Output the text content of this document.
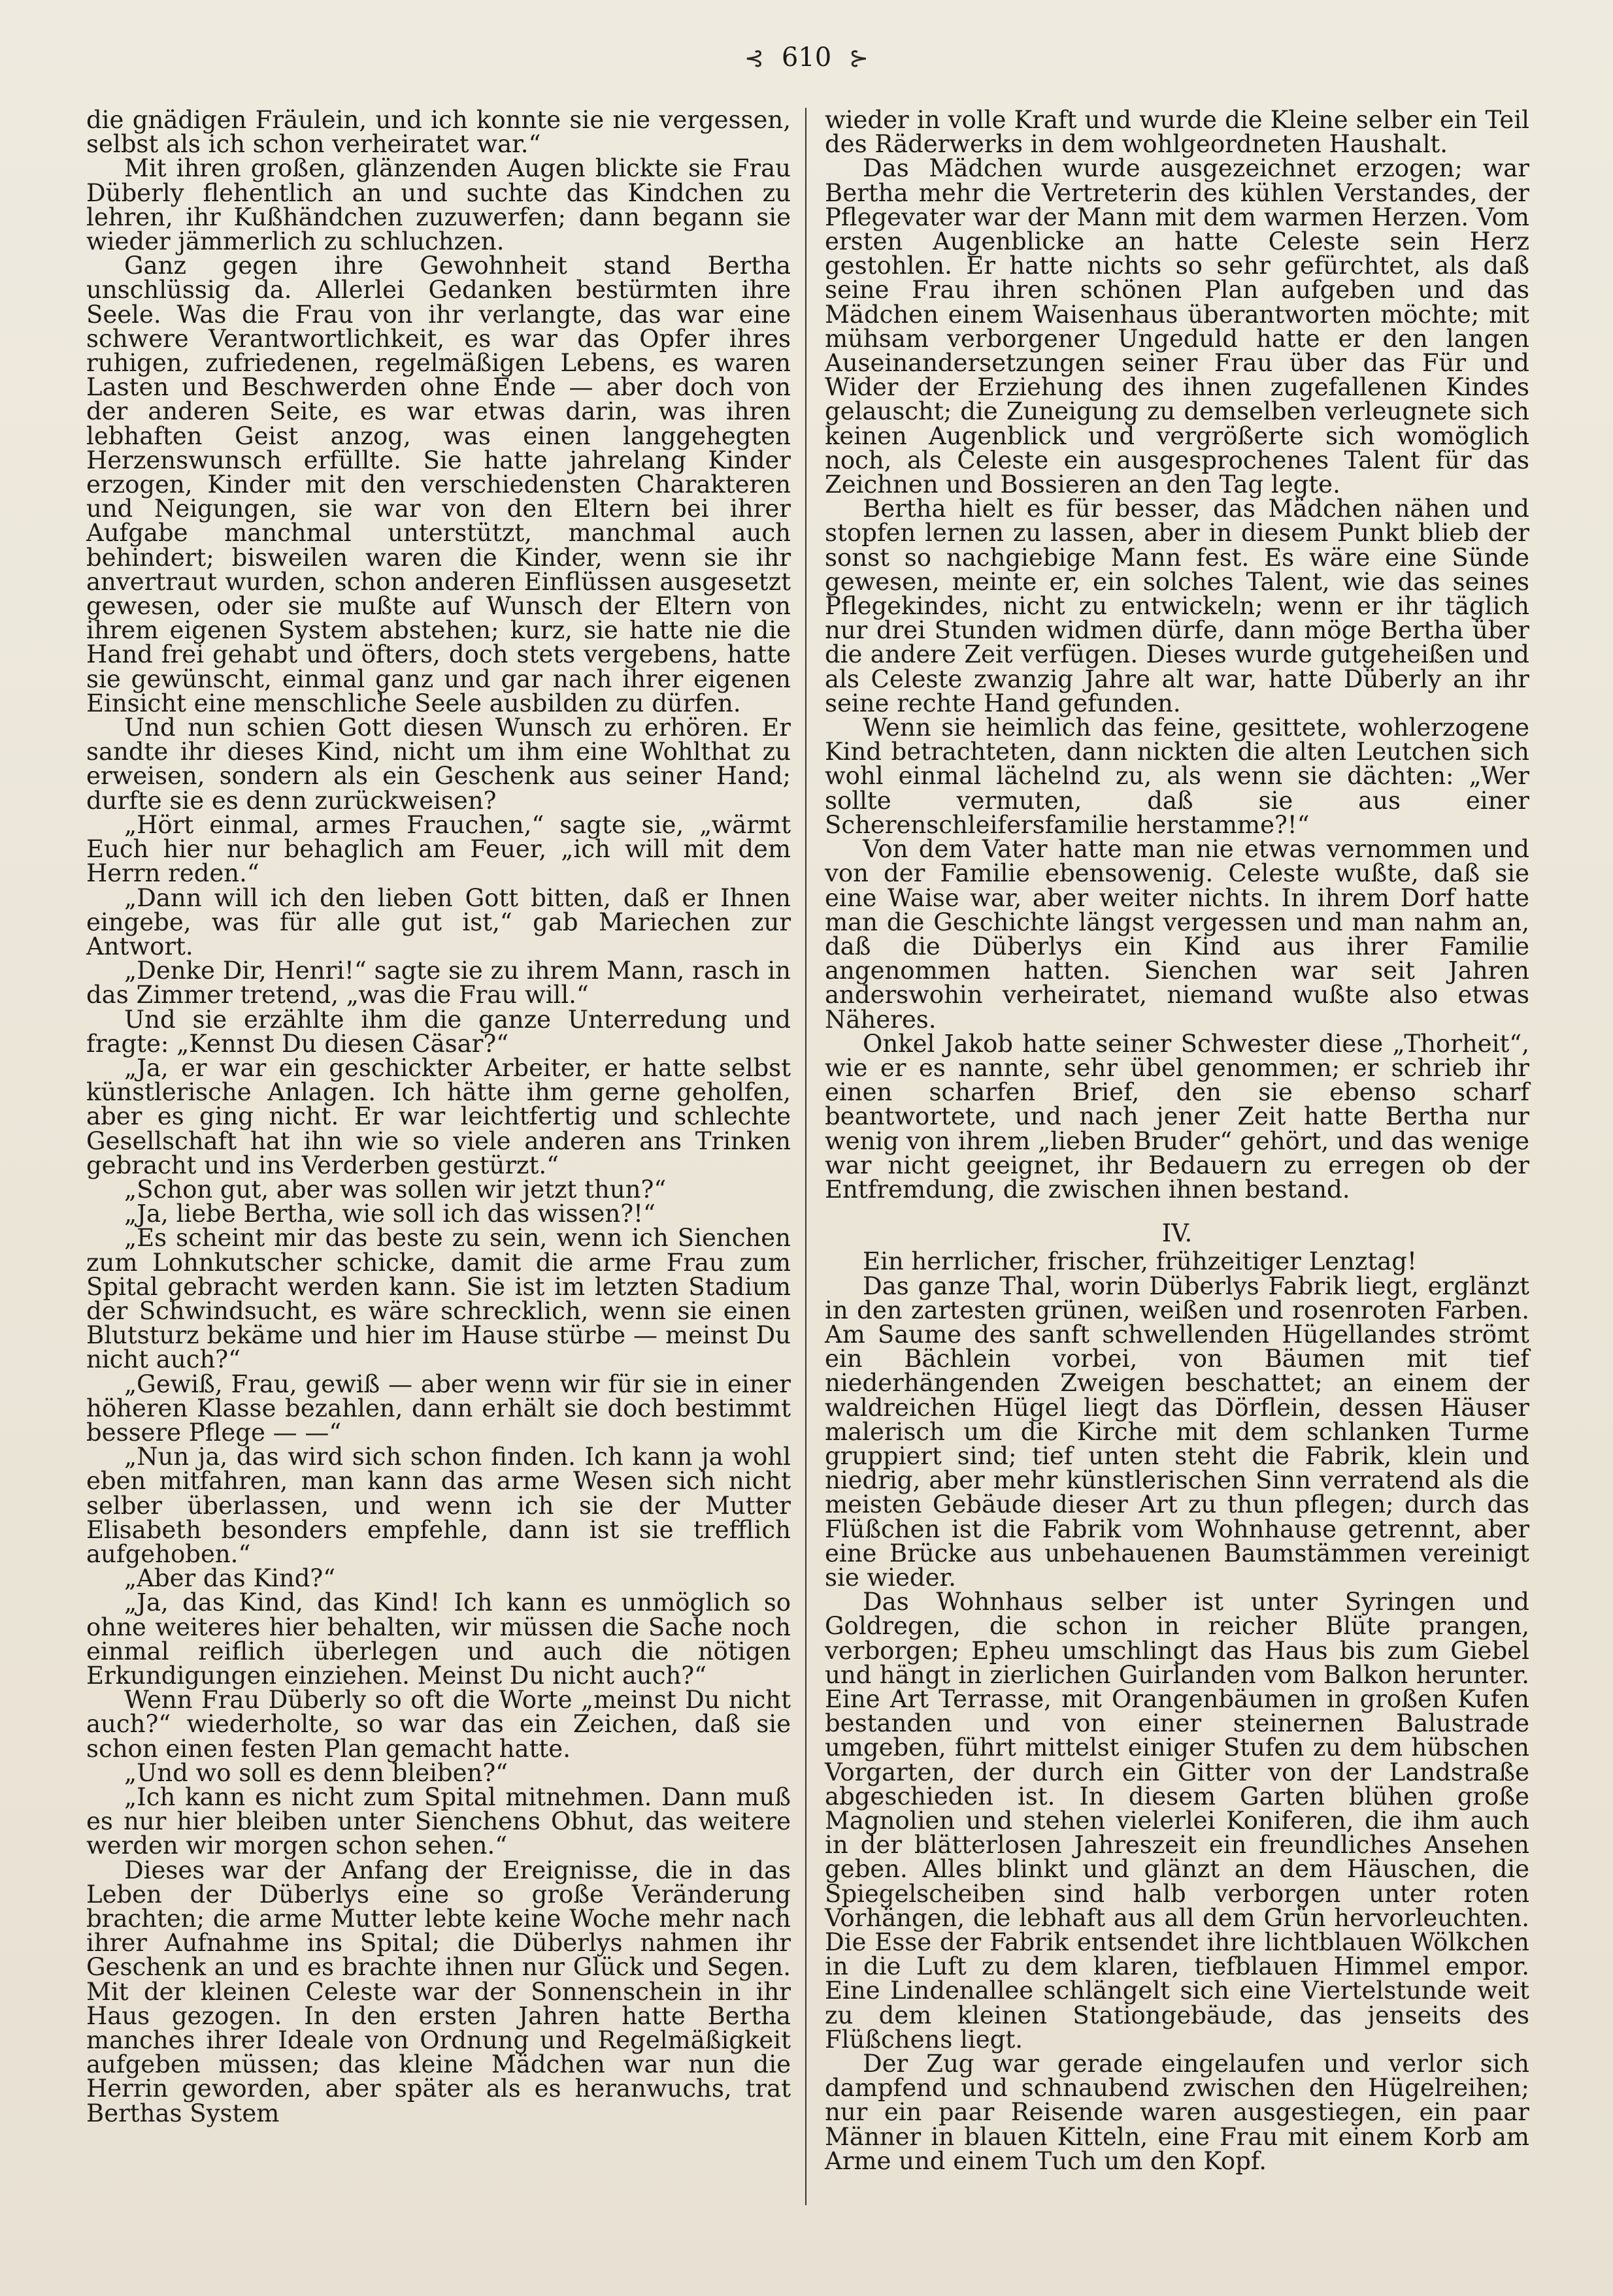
⊰ 610 ⊱

die gnädigen Fräulein, und ich konnte sie nie vergessen, selbst als ich schon verheiratet war.“

Mit ihren großen, glänzenden Augen blickte sie Frau Düberly flehentlich an und suchte das Kindchen zu lehren, ihr Kußhändchen zuzuwerfen; dann begann sie wieder jämmerlich zu schluchzen.

Ganz gegen ihre Gewohnheit stand Bertha unschlüssig da. Allerlei Gedanken bestürmten ihre Seele. Was die Frau von ihr verlangte, das war eine schwere Verantwortlichkeit, es war das Opfer ihres ruhigen, zufriedenen, regelmäßigen Lebens, es waren Lasten und Beschwerden ohne Ende — aber doch von der anderen Seite, es war etwas darin, was ihren lebhaften Geist anzog, was einen langgehegten Herzenswunsch erfüllte. Sie hatte jahrelang Kinder erzogen, Kinder mit den verschiedensten Charakteren und Neigungen, sie war von den Eltern bei ihrer Aufgabe manchmal unterstützt, manchmal auch behindert; bisweilen waren die Kinder, wenn sie ihr anvertraut wurden, schon anderen Einflüssen ausgesetzt gewesen, oder sie mußte auf Wunsch der Eltern von ihrem eigenen System abstehen; kurz, sie hatte nie die Hand frei gehabt und öfters, doch stets vergebens, hatte sie gewünscht, einmal ganz und gar nach ihrer eigenen Einsicht eine menschliche Seele ausbilden zu dürfen.

Und nun schien Gott diesen Wunsch zu erhören. Er sandte ihr dieses Kind, nicht um ihm eine Wohlthat zu erweisen, sondern als ein Geschenk aus seiner Hand; durfte sie es denn zurückweisen?

„Hört einmal, armes Frauchen,“ sagte sie, „wärmt Euch hier nur behaglich am Feuer, „ich will mit dem Herrn reden.“

„Dann will ich den lieben Gott bitten, daß er Ihnen eingebe, was für alle gut ist,“ gab Mariechen zur Antwort.

„Denke Dir, Henri!“ sagte sie zu ihrem Mann, rasch in das Zimmer tretend, „was die Frau will.“

Und sie erzählte ihm die ganze Unterredung und fragte: „Kennst Du diesen Cäsar?“

„Ja, er war ein geschickter Arbeiter, er hatte selbst künstlerische Anlagen. Ich hätte ihm gerne geholfen, aber es ging nicht. Er war leichtfertig und schlechte Gesellschaft hat ihn wie so viele anderen ans Trinken gebracht und ins Verderben gestürzt.“

„Schon gut, aber was sollen wir jetzt thun?“

„Ja, liebe Bertha, wie soll ich das wissen?!“

„Es scheint mir das beste zu sein, wenn ich Sienchen zum Lohnkutscher schicke, damit die arme Frau zum Spital gebracht werden kann. Sie ist im letzten Stadium der Schwindsucht, es wäre schrecklich, wenn sie einen Blutsturz bekäme und hier im Hause stürbe — meinst Du nicht auch?“

„Gewiß, Frau, gewiß — aber wenn wir für sie in einer höheren Klasse bezahlen, dann erhält sie doch bestimmt bessere Pflege — —“

„Nun ja, das wird sich schon finden. Ich kann ja wohl eben mitfahren, man kann das arme Wesen sich nicht selber überlassen, und wenn ich sie der Mutter Elisabeth besonders empfehle, dann ist sie trefflich aufgehoben.“

„Aber das Kind?“

„Ja, das Kind, das Kind! Ich kann es unmöglich so ohne weiteres hier behalten, wir müssen die Sache noch einmal reiflich überlegen und auch die nötigen Erkundigungen einziehen. Meinst Du nicht auch?“

Wenn Frau Düberly so oft die Worte „meinst Du nicht auch?“ wiederholte, so war das ein Zeichen, daß sie schon einen festen Plan gemacht hatte.

„Und wo soll es denn bleiben?“

„Ich kann es nicht zum Spital mitnehmen. Dann muß es nur hier bleiben unter Sienchens Obhut, das weitere werden wir morgen schon sehen.“

Dieses war der Anfang der Ereignisse, die in das Leben der Düberlys eine so große Veränderung brachten; die arme Mutter lebte keine Woche mehr nach ihrer Aufnahme ins Spital; die Düberlys nahmen ihr Geschenk an und es brachte ihnen nur Glück und Segen. Mit der kleinen Celeste war der Sonnenschein in ihr Haus gezogen. In den ersten Jahren hatte Bertha manches ihrer Ideale von Ordnung und Regelmäßigkeit aufgeben müssen; das kleine Mädchen war nun die Herrin geworden, aber später als es heranwuchs, trat Berthas System

wieder in volle Kraft und wurde die Kleine selber ein Teil des Räderwerks in dem wohlgeordneten Haushalt.

Das Mädchen wurde ausgezeichnet erzogen; war Bertha mehr die Vertreterin des kühlen Verstandes, der Pflegevater war der Mann mit dem warmen Herzen. Vom ersten Augenblicke an hatte Celeste sein Herz gestohlen. Er hatte nichts so sehr gefürchtet, als daß seine Frau ihren schönen Plan aufgeben und das Mädchen einem Waisenhaus überantworten möchte; mit mühsam verborgener Ungeduld hatte er den langen Auseinandersetzungen seiner Frau über das Für und Wider der Erziehung des ihnen zugefallenen Kindes gelauscht; die Zuneigung zu demselben verleugnete sich keinen Augenblick und vergrößerte sich womöglich noch, als Celeste ein ausgesprochenes Talent für das Zeichnen und Bossieren an den Tag legte.

Bertha hielt es für besser, das Mädchen nähen und stopfen lernen zu lassen, aber in diesem Punkt blieb der sonst so nachgiebige Mann fest. Es wäre eine Sünde gewesen, meinte er, ein solches Talent, wie das seines Pflegekindes, nicht zu entwickeln; wenn er ihr täglich nur drei Stunden widmen dürfe, dann möge Bertha über die andere Zeit verfügen. Dieses wurde gutgeheißen und als Celeste zwanzig Jahre alt war, hatte Düberly an ihr seine rechte Hand gefunden.

Wenn sie heimlich das feine, gesittete, wohlerzogene Kind betrachteten, dann nickten die alten Leutchen sich wohl einmal lächelnd zu, als wenn sie dächten: „Wer sollte vermuten, daß sie aus einer Scherenschleifersfamilie herstamme?!“

Von dem Vater hatte man nie etwas vernommen und von der Familie ebensowenig. Celeste wußte, daß sie eine Waise war, aber weiter nichts. In ihrem Dorf hatte man die Geschichte längst vergessen und man nahm an, daß die Düberlys ein Kind aus ihrer Familie angenommen hatten. Sienchen war seit Jahren anderswohin verheiratet, niemand wußte also etwas Näheres.

Onkel Jakob hatte seiner Schwester diese „Thorheit“, wie er es nannte, sehr übel genommen; er schrieb ihr einen scharfen Brief, den sie ebenso scharf beantwortete, und nach jener Zeit hatte Bertha nur wenig von ihrem „lieben Bruder“ gehört, und das wenige war nicht geeignet, ihr Bedauern zu erregen ob der Entfremdung, die zwischen ihnen bestand.

IV.

Ein herrlicher, frischer, frühzeitiger Lenztag!

Das ganze Thal, worin Düberlys Fabrik liegt, erglänzt in den zartesten grünen, weißen und rosenroten Farben. Am Saume des sanft schwellenden Hügellandes strömt ein Bächlein vorbei, von Bäumen mit tief niederhängenden Zweigen beschattet; an einem der waldreichen Hügel liegt das Dörflein, dessen Häuser malerisch um die Kirche mit dem schlanken Turme gruppiert sind; tief unten steht die Fabrik, klein und niedrig, aber mehr künstlerischen Sinn verratend als die meisten Gebäude dieser Art zu thun pflegen; durch das Flüßchen ist die Fabrik vom Wohnhause getrennt, aber eine Brücke aus unbehauenen Baumstämmen vereinigt sie wieder.

Das Wohnhaus selber ist unter Syringen und Goldregen, die schon in reicher Blüte prangen, verborgen; Epheu umschlingt das Haus bis zum Giebel und hängt in zierlichen Guirlanden vom Balkon herunter. Eine Art Terrasse, mit Orangenbäumen in großen Kufen bestanden und von einer steinernen Balustrade umgeben, führt mittelst einiger Stufen zu dem hübschen Vorgarten, der durch ein Gitter von der Landstraße abgeschieden ist. In diesem Garten blühen große Magnolien und stehen vielerlei Koniferen, die ihm auch in der blätterlosen Jahreszeit ein freundliches Ansehen geben. Alles blinkt und glänzt an dem Häuschen, die Spiegelscheiben sind halb verborgen unter roten Vorhängen, die lebhaft aus all dem Grün hervorleuchten. Die Esse der Fabrik entsendet ihre lichtblauen Wölkchen in die Luft zu dem klaren, tiefblauen Himmel empor. Eine Lindenallee schlängelt sich eine Viertelstunde weit zu dem kleinen Stationgebäude, das jenseits des Flüßchens liegt.

Der Zug war gerade eingelaufen und verlor sich dampfend und schnaubend zwischen den Hügelreihen; nur ein paar Reisende waren ausgestiegen, ein paar Männer in blauen Kitteln, eine Frau mit einem Korb am Arme und einem Tuch um den Kopf.
